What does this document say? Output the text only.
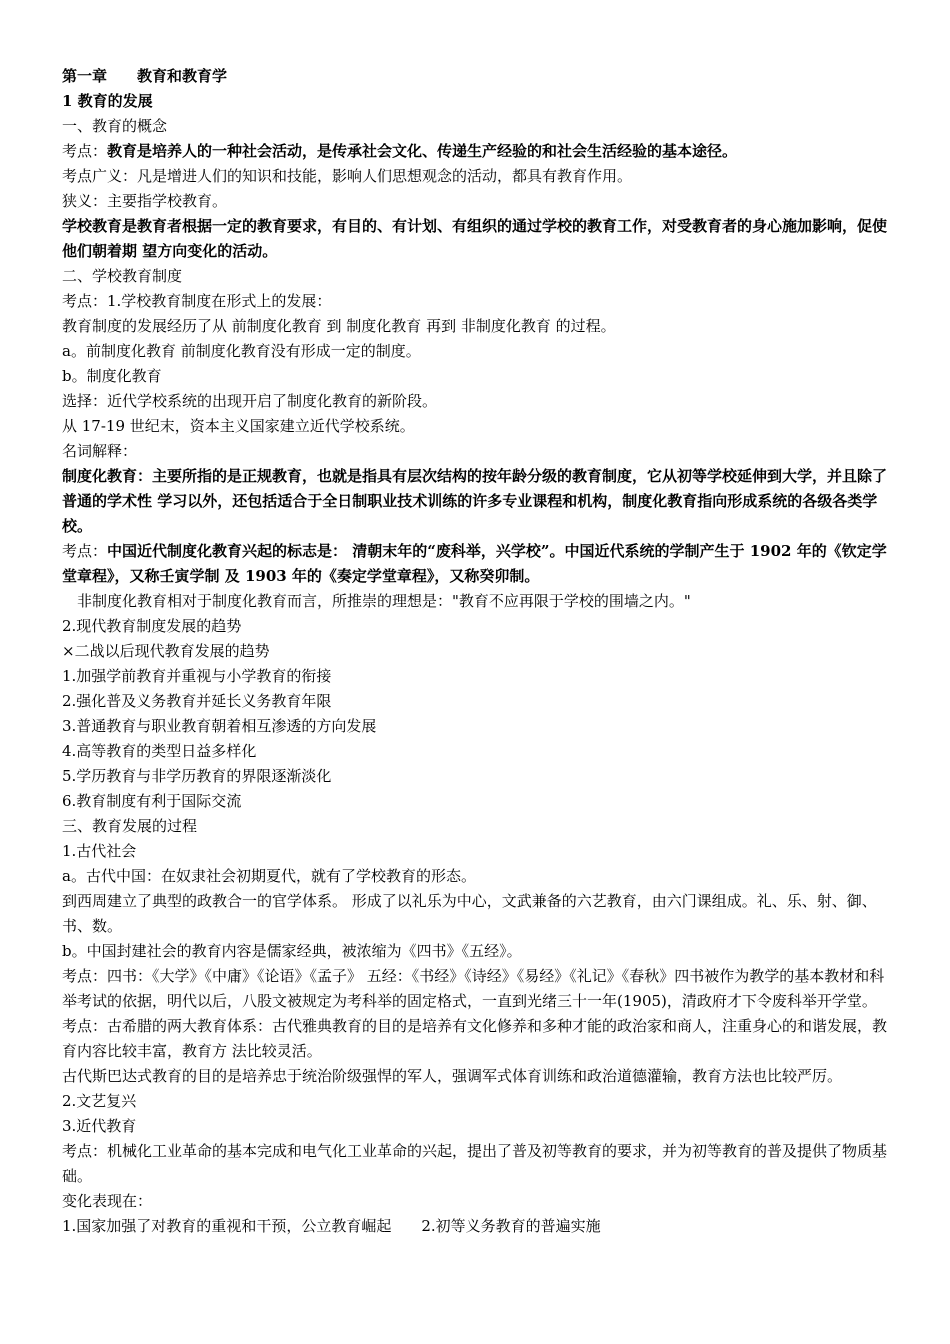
第一章 教育和教育学

1 教育的发展

一、教育的概念

考点：教育是培养人的一种社会活动，是传承社会文化、传递生产经验的和社会生活经验的基本途径。

考点广义：凡是增进人们的知识和技能，影响人们思想观念的活动，都具有教育作用。

狭义：主要指学校教育。

学校教育是教育者根据一定的教育要求，有目的、有计划、有组织的通过学校的教育工作，对受教育者的身心施加影响，促使他们朝着期 望方向变化的活动。

二、学校教育制度

考点：1.学校教育制度在形式上的发展：

教育制度的发展经历了从 前制度化教育 到 制度化教育 再到 非制度化教育 的过程。

a。前制度化教育 前制度化教育没有形成一定的制度。

b。制度化教育

选择：近代学校系统的出现开启了制度化教育的新阶段。

从 17-19 世纪末，资本主义国家建立近代学校系统。

名词解释：

制度化教育：主要所指的是正规教育，也就是指具有层次结构的按年龄分级的教育制度，它从初等学校延伸到大学，并且除了普通的学术性 学习以外，还包括适合于全日制职业技术训练的许多专业课程和机构，制度化教育指向形成系统的各级各类学校。

考点：中国近代制度化教育兴起的标志是： 清朝末年的“废科举，兴学校”。中国近代系统的学制产生于 1902 年的《钦定学堂章程》，又称壬寅学制 及 1903 年的《奏定学堂章程》，又称癸卯制。

非制度化教育相对于制度化教育而言，所推崇的理想是："教育不应再限于学校的围墙之内。"

2.现代教育制度发展的趋势

×二战以后现代教育发展的趋势

1.加强学前教育并重视与小学教育的衔接

2.强化普及义务教育并延长义务教育年限

3.普通教育与职业教育朝着相互渗透的方向发展

4.高等教育的类型日益多样化

5.学历教育与非学历教育的界限逐渐淡化

6.教育制度有利于国际交流

三、教育发展的过程

1.古代社会

a。古代中国：在奴隶社会初期夏代，就有了学校教育的形态。

到西周建立了典型的政教合一的官学体系。 形成了以礼乐为中心，文武兼备的六艺教育，由六门课组成。礼、乐、射、御、书、数。

b。中国封建社会的教育内容是儒家经典，被浓缩为《四书》《五经》。

考点：四书：《大学》《中庸》《论语》《孟子》 五经：《书经》《诗经》《易经》《礼记》《春秋》四书被作为教学的基本教材和科举考试的依据，明代以后，八股文被规定为考科举的固定格式，一直到光绪三十一年(1905)，清政府才下令废科举开学堂。

考点：古希腊的两大教育体系：古代雅典教育的目的是培养有文化修养和多种才能的政治家和商人，注重身心的和谐发展，教育内容比较丰富，教育方 法比较灵活。

古代斯巴达式教育的目的是培养忠于统治阶级强悍的军人，强调军式体育训练和政治道德灌输，教育方法也比较严厉。

2.文艺复兴

3.近代教育

考点：机械化工业革命的基本完成和电气化工业革命的兴起，提出了普及初等教育的要求，并为初等教育的普及提供了物质基础。

变化表现在：

1.国家加强了对教育的重视和干预，公立教育崛起 2.初等义务教育的普遍实施
